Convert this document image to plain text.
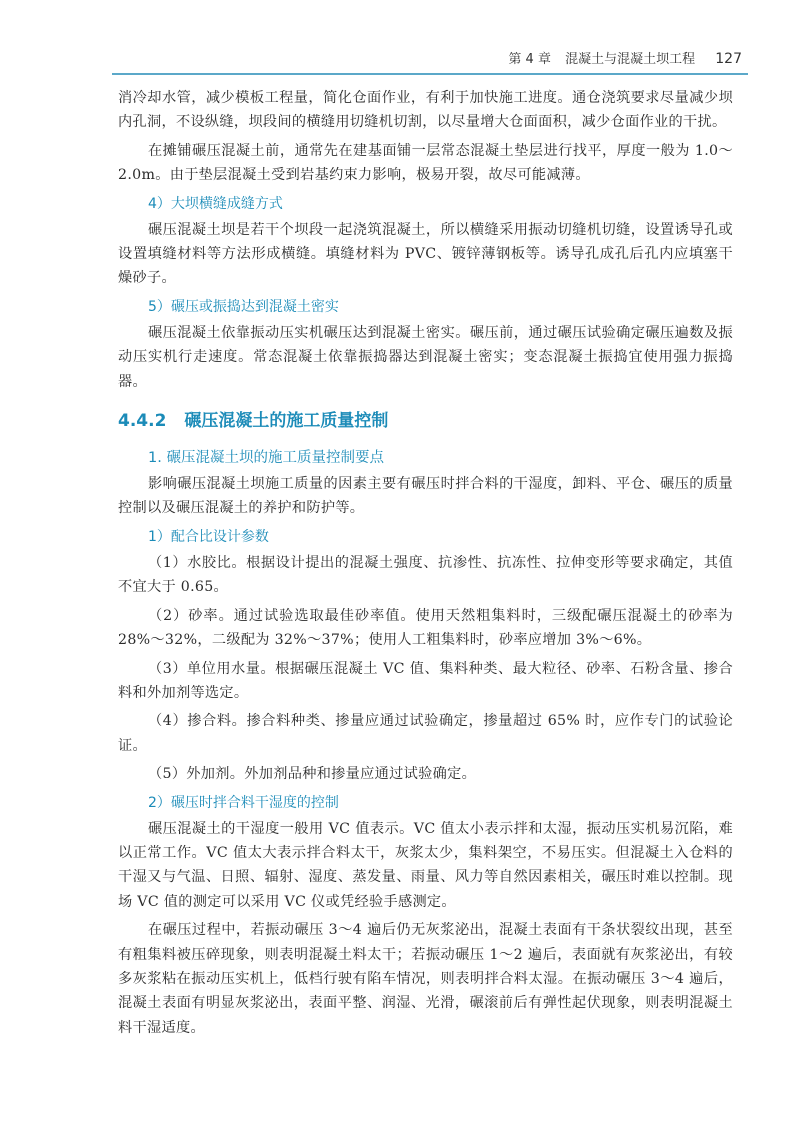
第 4 章 混凝土与混凝土坝工程 127

消冷却水管，减少模板工程量，简化仓面作业，有利于加快施工进度。通仓浇筑要求尽量减少坝内孔洞，不设纵缝，坝段间的横缝用切缝机切割，以尽量增大仓面面积，减少仓面作业的干扰。

在摊铺碾压混凝土前，通常先在建基面铺一层常态混凝土垫层进行找平，厚度一般为 1.0～2.0m。由于垫层混凝土受到岩基约束力影响，极易开裂，故尽可能减薄。

4）大坝横缝成缝方式

碾压混凝土坝是若干个坝段一起浇筑混凝土，所以横缝采用振动切缝机切缝，设置诱导孔或设置填缝材料等方法形成横缝。填缝材料为 PVC、镀锌薄钢板等。诱导孔成孔后孔内应填塞干燥砂子。

5）碾压或振捣达到混凝土密实

碾压混凝土依靠振动压实机碾压达到混凝土密实。碾压前，通过碾压试验确定碾压遍数及振动压实机行走速度。常态混凝土依靠振捣器达到混凝土密实；变态混凝土振捣宜使用强力振捣器。

4.4.2 碾压混凝土的施工质量控制
1. 碾压混凝土坝的施工质量控制要点

影响碾压混凝土坝施工质量的因素主要有碾压时拌合料的干湿度，卸料、平仓、碾压的质量控制以及碾压混凝土的养护和防护等。

1）配合比设计参数

（1）水胶比。根据设计提出的混凝土强度、抗渗性、抗冻性、拉伸变形等要求确定，其值不宜大于 0.65。

（2）砂率。通过试验选取最佳砂率值。使用天然粗集料时，三级配碾压混凝土的砂率为 28%～32%，二级配为 32%～37%；使用人工粗集料时，砂率应增加 3%～6%。

（3）单位用水量。根据碾压混凝土 VC 值、集料种类、最大粒径、砂率、石粉含量、掺合料和外加剂等选定。

（4）掺合料。掺合料种类、掺量应通过试验确定，掺量超过 65% 时，应作专门的试验论证。

（5）外加剂。外加剂品种和掺量应通过试验确定。

2）碾压时拌合料干湿度的控制

碾压混凝土的干湿度一般用 VC 值表示。VC 值太小表示拌和太湿，振动压实机易沉陷，难以正常工作。VC 值太大表示拌合料太干，灰浆太少，集料架空，不易压实。但混凝土入仓料的干湿又与气温、日照、辐射、湿度、蒸发量、雨量、风力等自然因素相关，碾压时难以控制。现场 VC 值的测定可以采用 VC 仪或凭经验手感测定。

在碾压过程中，若振动碾压 3～4 遍后仍无灰浆泌出，混凝土表面有干条状裂纹出现，甚至有粗集料被压碎现象，则表明混凝土料太干；若振动碾压 1～2 遍后，表面就有灰浆泌出，有较多灰浆粘在振动压实机上，低档行驶有陷车情况，则表明拌合料太湿。在振动碾压 3～4 遍后，混凝土表面有明显灰浆泌出，表面平整、润湿、光滑，碾滚前后有弹性起伏现象，则表明混凝土料干湿适度。
